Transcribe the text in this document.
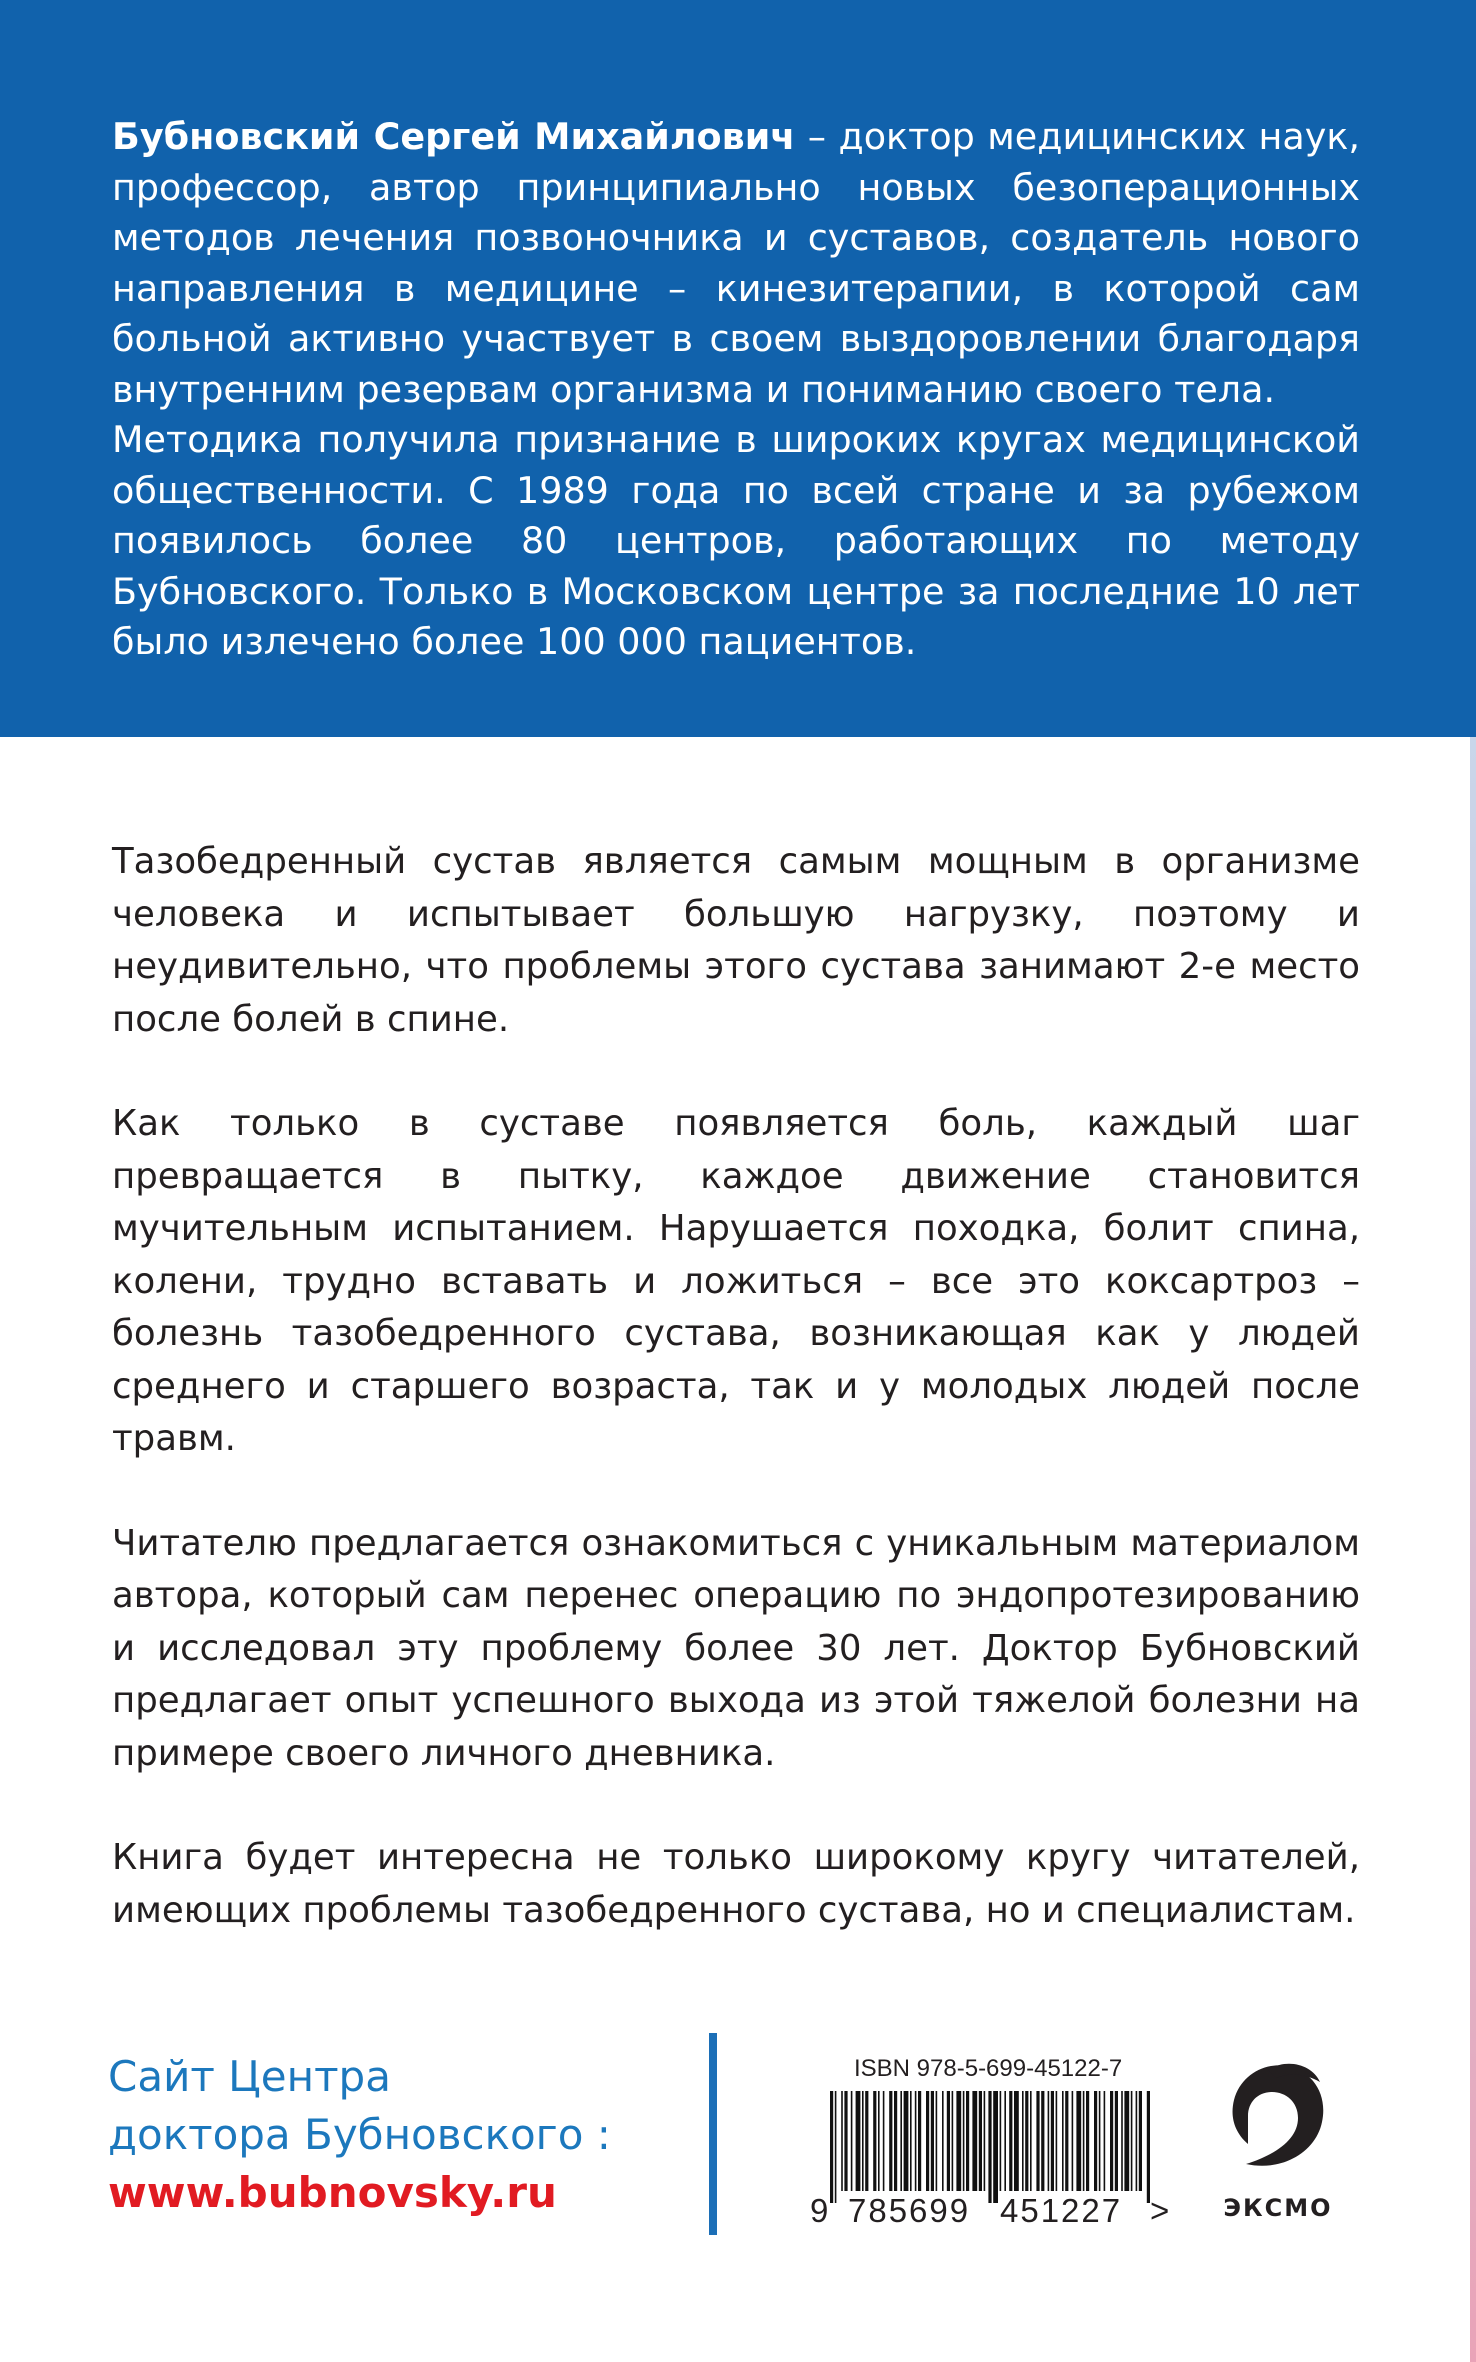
Бубновский Сергей Михайлович – доктор медицинских наук, профессор, автор принципиально новых безоперационных методов лечения позвоночника и суставов, создатель нового направления в медицине – кинезитерапии, в которой сам больной активно участвует в своем выздоровлении благодаря внутренним резервам организма и пониманию своего тела.

Методика получила признание в широких кругах медицинской общественности. С 1989 года по всей стране и за рубежом появилось более 80 центров, работающих по методу Бубновского. Только в Московском центре за последние 10 лет было излечено более 100 000 пациентов.

Тазобедренный сустав является самым мощным в организме человека и испытывает большую нагрузку, поэтому и неудивительно, что проблемы этого сустава занимают 2-е место после болей в спине.

Как только в суставе появляется боль, каждый шаг превращается в пытку, каждое движение становится мучительным испытанием. Нарушается походка, болит спина, колени, трудно вставать и ложиться – все это коксартроз – болезнь тазобедренного сустава, возникающая как у людей среднего и старшего возраста, так и у молодых людей после травм.

Читателю предлагается ознакомиться с уникальным материалом автора, который сам перенес операцию по эндопротезированию и исследовал эту проблему более 30 лет. Доктор Бубновский предлагает опыт успешного выхода из этой тяжелой болезни на примере своего личного дневника.

Книга будет интересна не только широкому кругу читателей, имеющих проблемы тазобедренного сустава, но и специалистам.

Сайт Центра
доктора Бубновского :
www.bubnovsky.ru
ISBN 978-5-699-45122-7
9 785699 451227 > ЭКСМО
